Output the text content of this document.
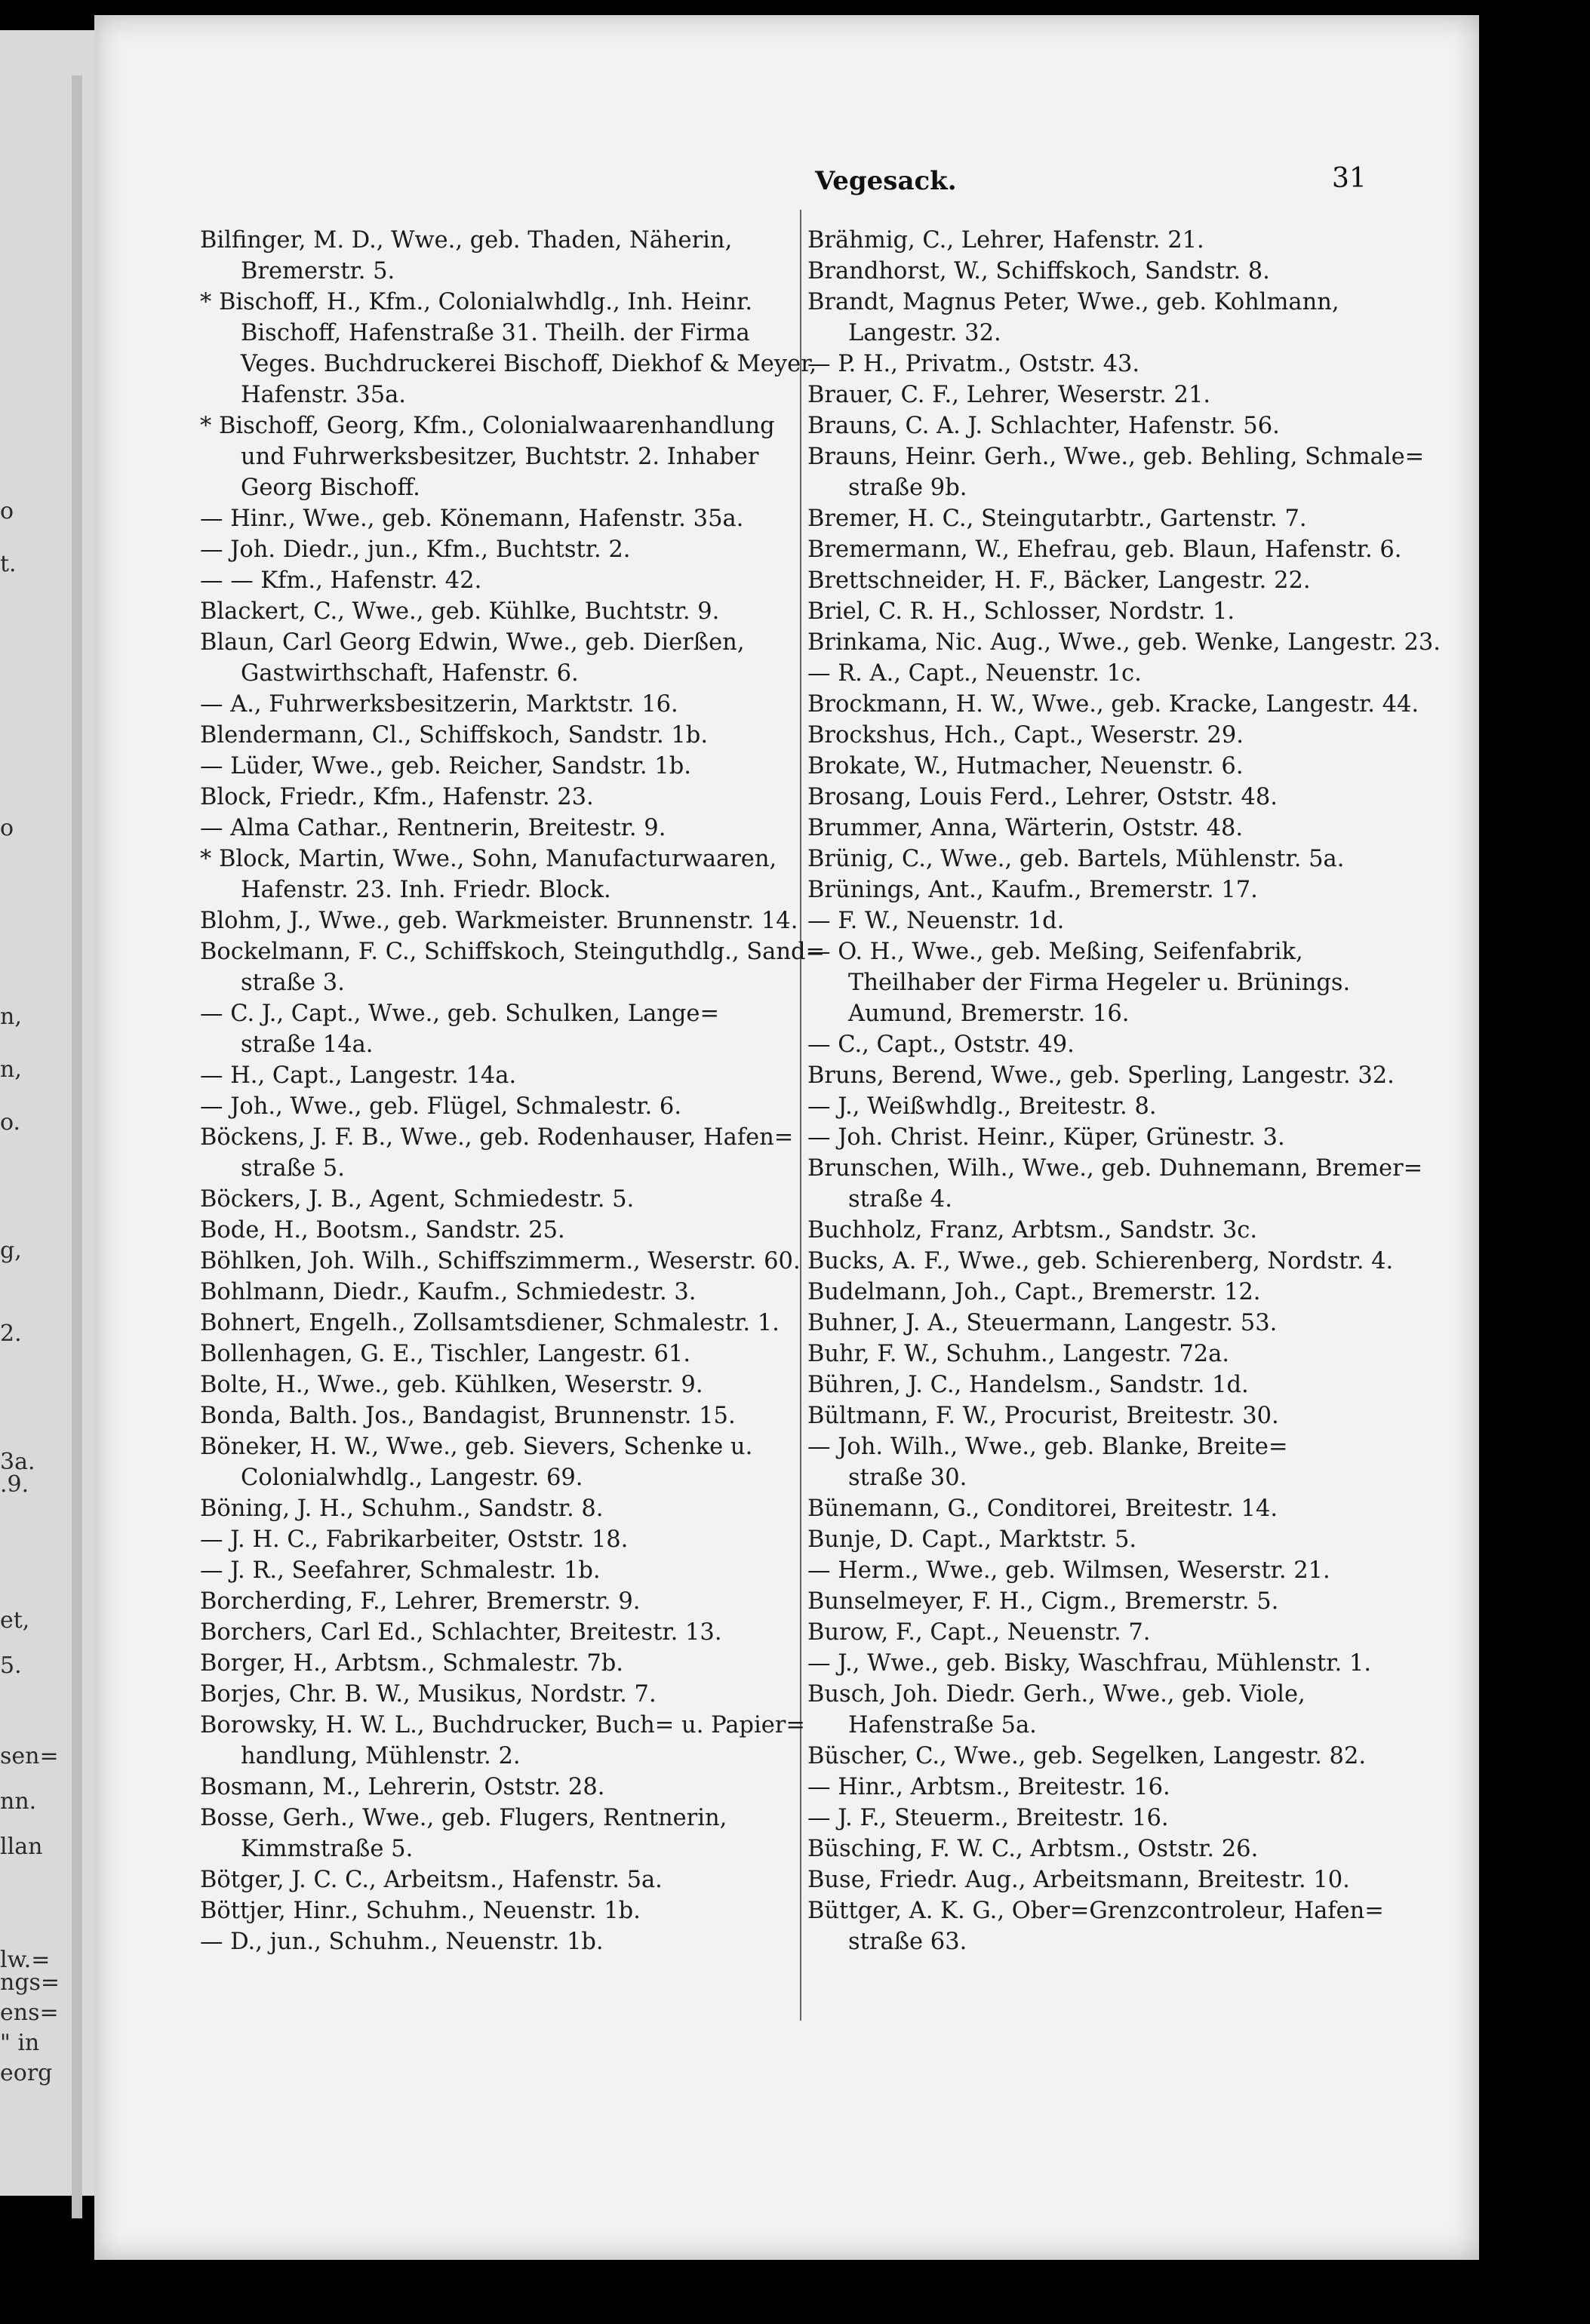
o
t.
o
n,
n,
o.
g,
2.
3a.
.9.
et,
5.
sen=
nn.
llan
lw.=
ngs=
ens=
" in
eorg
Vegesack.	31
Bilfinger, M. D., Wwe., geb. Thaden, Näherin,
Bremerstr. 5.
* Bischoff, H., Kfm., Colonialwhdlg., Inh. Heinr.
Bischoff, Hafenstraße 31. Theilh. der Firma
Veges. Buchdruckerei Bischoff, Diekhof & Meyer,
Hafenstr. 35a.
* Bischoff, Georg, Kfm., Colonialwaarenhandlung
und Fuhrwerksbesitzer, Buchtstr. 2. Inhaber
Georg Bischoff.
— Hinr., Wwe., geb. Könemann, Hafenstr. 35a.
— Joh. Diedr., jun., Kfm., Buchtstr. 2.
— — Kfm., Hafenstr. 42.
Blackert, C., Wwe., geb. Kühlke, Buchtstr. 9.
Blaun, Carl Georg Edwin, Wwe., geb. Dierßen,
Gastwirthschaft, Hafenstr. 6.
— A., Fuhrwerksbesitzerin, Marktstr. 16.
Blendermann, Cl., Schiffskoch, Sandstr. 1b.
— Lüder, Wwe., geb. Reicher, Sandstr. 1b.
Block, Friedr., Kfm., Hafenstr. 23.
— Alma Cathar., Rentnerin, Breitestr. 9.
* Block, Martin, Wwe., Sohn, Manufacturwaaren,
Hafenstr. 23. Inh. Friedr. Block.
Blohm, J., Wwe., geb. Warkmeister. Brunnenstr. 14.
Bockelmann, F. C., Schiffskoch, Steinguthdlg., Sand=
straße 3.
— C. J., Capt., Wwe., geb. Schulken, Lange=
straße 14a.
— H., Capt., Langestr. 14a.
— Joh., Wwe., geb. Flügel, Schmalestr. 6.
Böckens, J. F. B., Wwe., geb. Rodenhauser, Hafen=
straße 5.
Böckers, J. B., Agent, Schmiedestr. 5.
Bode, H., Bootsm., Sandstr. 25.
Böhlken, Joh. Wilh., Schiffszimmerm., Weserstr. 60.
Bohlmann, Diedr., Kaufm., Schmiedestr. 3.
Bohnert, Engelh., Zollsamtsdiener, Schmalestr. 1.
Bollenhagen, G. E., Tischler, Langestr. 61.
Bolte, H., Wwe., geb. Kühlken, Weserstr. 9.
Bonda, Balth. Jos., Bandagist, Brunnenstr. 15.
Böneker, H. W., Wwe., geb. Sievers, Schenke u.
Colonialwhdlg., Langestr. 69.
Böning, J. H., Schuhm., Sandstr. 8.
— J. H. C., Fabrikarbeiter, Oststr. 18.
— J. R., Seefahrer, Schmalestr. 1b.
Borcherding, F., Lehrer, Bremerstr. 9.
Borchers, Carl Ed., Schlachter, Breitestr. 13.
Borger, H., Arbtsm., Schmalestr. 7b.
Borjes, Chr. B. W., Musikus, Nordstr. 7.
Borowsky, H. W. L., Buchdrucker, Buch= u. Papier=
handlung, Mühlenstr. 2.
Bosmann, M., Lehrerin, Oststr. 28.
Bosse, Gerh., Wwe., geb. Flugers, Rentnerin,
Kimmstraße 5.
Bötger, J. C. C., Arbeitsm., Hafenstr. 5a.
Böttjer, Hinr., Schuhm., Neuenstr. 1b.
— D., jun., Schuhm., Neuenstr. 1b.
Brähmig, C., Lehrer, Hafenstr. 21.
Brandhorst, W., Schiffskoch, Sandstr. 8.
Brandt, Magnus Peter, Wwe., geb. Kohlmann,
Langestr. 32.
— P. H., Privatm., Oststr. 43.
Brauer, C. F., Lehrer, Weserstr. 21.
Brauns, C. A. J. Schlachter, Hafenstr. 56.
Brauns, Heinr. Gerh., Wwe., geb. Behling, Schmale=
straße 9b.
Bremer, H. C., Steingutarbtr., Gartenstr. 7.
Bremermann, W., Ehefrau, geb. Blaun, Hafenstr. 6.
Brettschneider, H. F., Bäcker, Langestr. 22.
Briel, C. R. H., Schlosser, Nordstr. 1.
Brinkama, Nic. Aug., Wwe., geb. Wenke, Langestr. 23.
— R. A., Capt., Neuenstr. 1c.
Brockmann, H. W., Wwe., geb. Kracke, Langestr. 44.
Brockshus, Hch., Capt., Weserstr. 29.
Brokate, W., Hutmacher, Neuenstr. 6.
Brosang, Louis Ferd., Lehrer, Oststr. 48.
Brummer, Anna, Wärterin, Oststr. 48.
Brünig, C., Wwe., geb. Bartels, Mühlenstr. 5a.
Brünings, Ant., Kaufm., Bremerstr. 17.
— F. W., Neuenstr. 1d.
— O. H., Wwe., geb. Meßing, Seifenfabrik,
Theilhaber der Firma Hegeler u. Brünings.
Aumund, Bremerstr. 16.
— C., Capt., Oststr. 49.
Bruns, Berend, Wwe., geb. Sperling, Langestr. 32.
— J., Weißwhdlg., Breitestr. 8.
— Joh. Christ. Heinr., Küper, Grünestr. 3.
Brunschen, Wilh., Wwe., geb. Duhnemann, Bremer=
straße 4.
Buchholz, Franz, Arbtsm., Sandstr. 3c.
Bucks, A. F., Wwe., geb. Schierenberg, Nordstr. 4.
Budelmann, Joh., Capt., Bremerstr. 12.
Buhner, J. A., Steuermann, Langestr. 53.
Buhr, F. W., Schuhm., Langestr. 72a.
Bühren, J. C., Handelsm., Sandstr. 1d.
Bültmann, F. W., Procurist, Breitestr. 30.
— Joh. Wilh., Wwe., geb. Blanke, Breite=
straße 30.
Bünemann, G., Conditorei, Breitestr. 14.
Bunje, D. Capt., Marktstr. 5.
— Herm., Wwe., geb. Wilmsen, Weserstr. 21.
Bunselmeyer, F. H., Cigm., Bremerstr. 5.
Burow, F., Capt., Neuenstr. 7.
— J., Wwe., geb. Bisky, Waschfrau, Mühlenstr. 1.
Busch, Joh. Diedr. Gerh., Wwe., geb. Viole,
Hafenstraße 5a.
Büscher, C., Wwe., geb. Segelken, Langestr. 82.
— Hinr., Arbtsm., Breitestr. 16.
— J. F., Steuerm., Breitestr. 16.
Büsching, F. W. C., Arbtsm., Oststr. 26.
Buse, Friedr. Aug., Arbeitsmann, Breitestr. 10.
Büttger, A. K. G., Ober=Grenzcontroleur, Hafen=
straße 63.
